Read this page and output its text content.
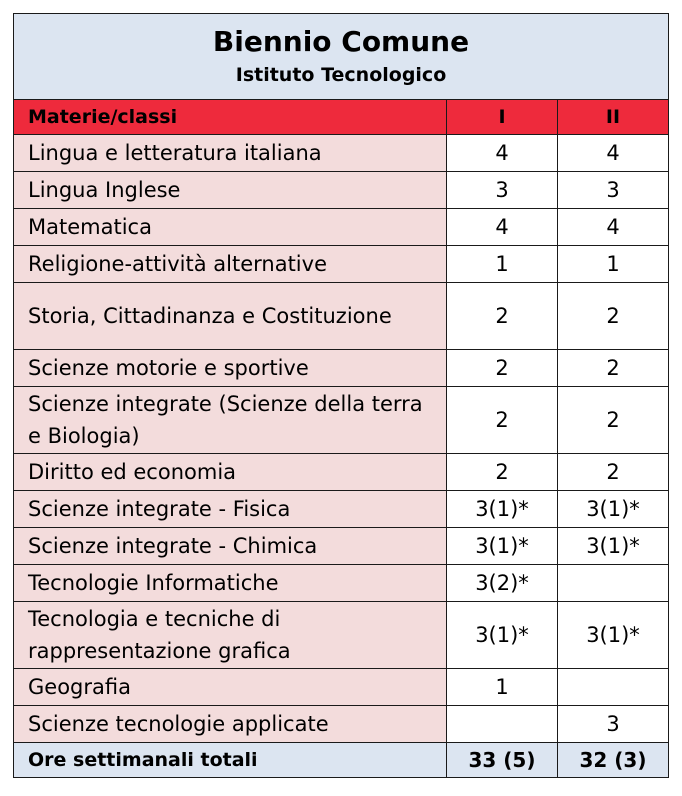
Biennio Comune
Istituto Tecnologico		

Materie/classi	I	II
Lingua e letteratura italiana	4	4
Lingua Inglese	3	3
Matematica	4	4
Religione-attività alternative	1	1
Storia, Cittadinanza e Costituzione	2	2
Scienze motorie e sportive	2	2
Scienze integrate (Scienze della terra e Biologia)	2	2
Diritto ed economia	2	2
Scienze integrate - Fisica	3(1)*	3(1)*
Scienze integrate - Chimica	3(1)*	3(1)*
Tecnologie Informatiche	3(2)*	
Tecnologia e tecniche di rappresentazione grafica	3(1)*	3(1)*
Geografia	1	
Scienze tecnologie applicate		3
Ore settimanali totali	33 (5)	32 (3)
